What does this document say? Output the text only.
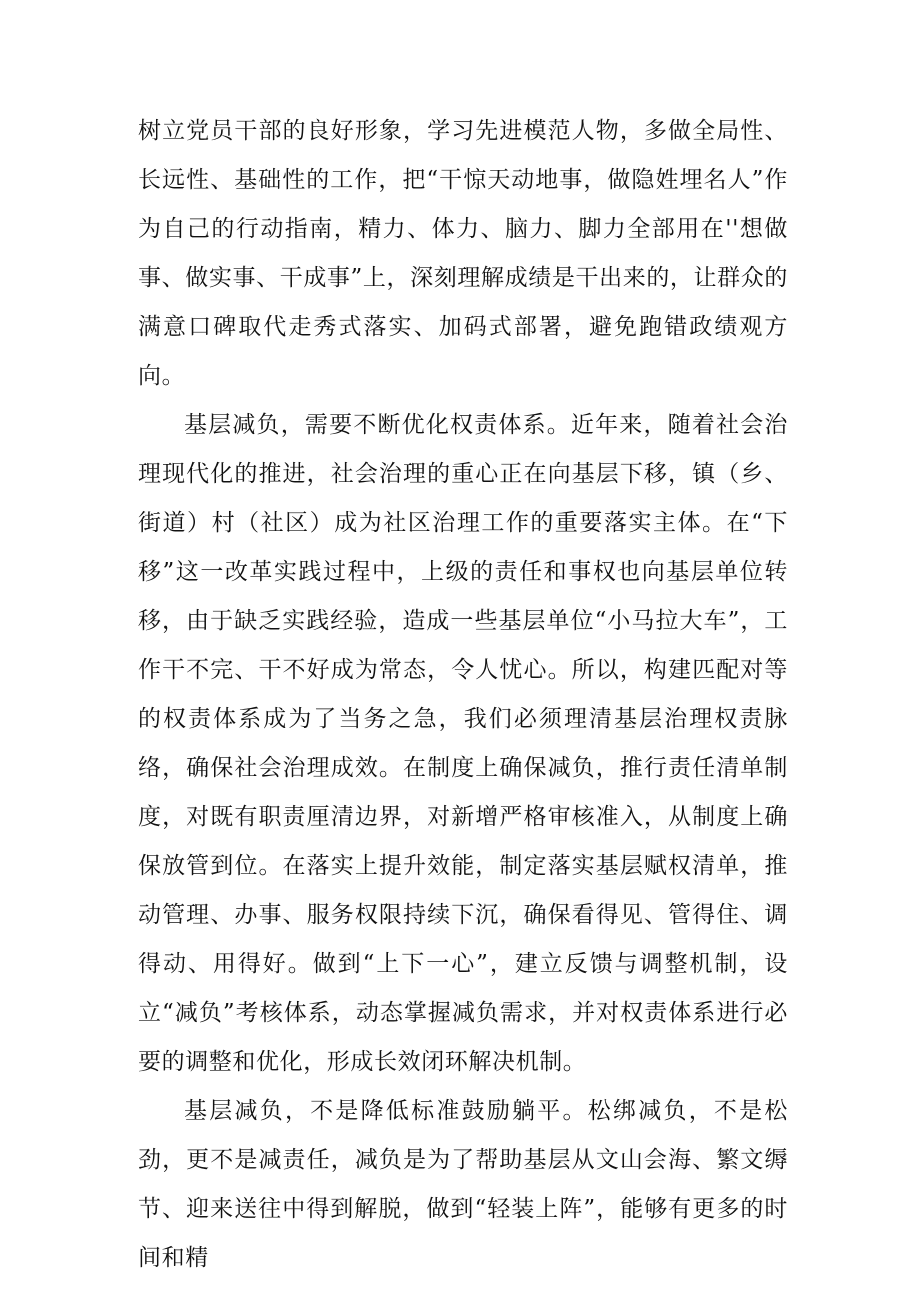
树立党员干部的良好形象，学习先进模范人物，多做全局性、长远性、基础性的工作，把“干惊天动地事，做隐姓埋名人”作为自己的行动指南，精力、体力、脑力、脚力全部用在''想做事、做实事、干成事”上，深刻理解成绩是干出来的，让群众的满意口碑取代走秀式落实、加码式部署，避免跑错政绩观方向。

基层减负，需要不断优化权责体系。近年来，随着社会治理现代化的推进，社会治理的重心正在向基层下移，镇（乡、街道）村（社区）成为社区治理工作的重要落实主体。在“下移”这一改革实践过程中，上级的责任和事权也向基层单位转移，由于缺乏实践经验，造成一些基层单位“小马拉大车”，工作干不完、干不好成为常态，令人忧心。所以，构建匹配对等的权责体系成为了当务之急，我们必须理清基层治理权责脉络，确保社会治理成效。在制度上确保减负，推行责任清单制度，对既有职责厘清边界，对新增严格审核准入，从制度上确保放管到位。在落实上提升效能，制定落实基层赋权清单，推动管理、办事、服务权限持续下沉，确保看得见、管得住、调得动、用得好。做到“上下一心”，建立反馈与调整机制，设立“减负”考核体系，动态掌握减负需求，并对权责体系进行必要的调整和优化，形成长效闭环解决机制。

基层减负，不是降低标准鼓励躺平。松绑减负，不是松劲，更不是减责任，减负是为了帮助基层从文山会海、繁文缛节、迎来送往中得到解脱，做到“轻装上阵”，能够有更多的时间和精
